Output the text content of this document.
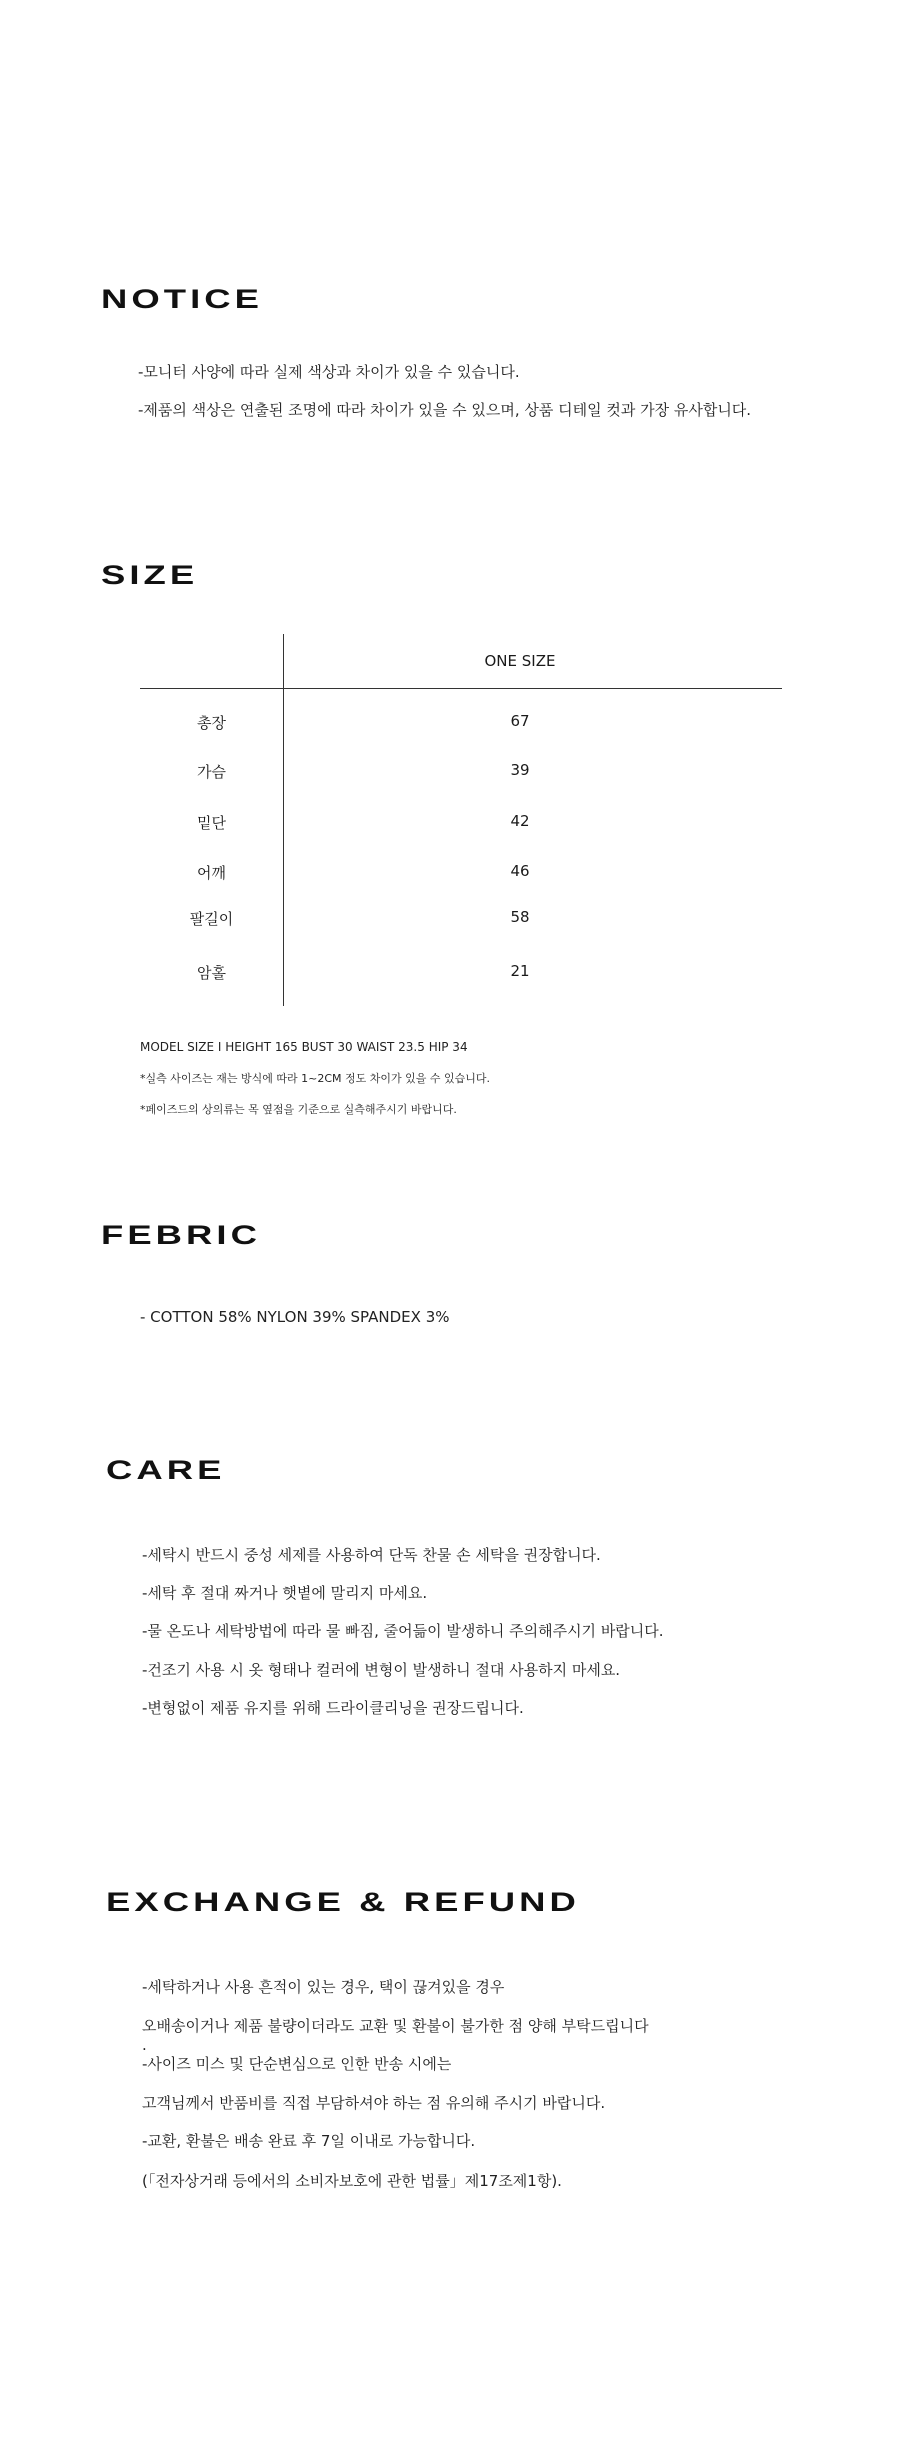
NOTICE

-모니터 사양에 따라 실제 색상과 차이가 있을 수 있습니다.

-제품의 색상은 연출된 조명에 따라 차이가 있을 수 있으며, 상품 디테일 컷과 가장 유사합니다.

SIZE
ONE SIZE
총장	67
가슴	39
밑단	42
어깨	46
팔길이	58
암홀	21

MODEL SIZE I HEIGHT 165 BUST 30 WAIST 23.5 HIP 34

*실측 사이즈는 재는 방식에 따라 1~2CM 정도 차이가 있을 수 있습니다.

*페이즈드의 상의류는 목 옆점을 기준으로 실측해주시기 바랍니다.

FEBRIC

- COTTON 58% NYLON 39% SPANDEX 3%

CARE

-세탁시 반드시 중성 세제를 사용하여 단독 찬물 손 세탁을 권장합니다.

-세탁 후 절대 짜거나 햇볕에 말리지 마세요.

-물 온도나 세탁방법에 따라 물 빠짐, 줄어듦이 발생하니 주의해주시기 바랍니다.

-건조기 사용 시 옷 형태나 컬러에 변형이 발생하니 절대 사용하지 마세요.

-변형없이 제품 유지를 위해 드라이클리닝을 권장드립니다.

EXCHANGE & REFUND

-세탁하거나 사용 흔적이 있는 경우, 택이 끊겨있을 경우

오배송이거나 제품 불량이더라도 교환 및 환불이 불가한 점 양해 부탁드립니다

.

-사이즈 미스 및 단순변심으로 인한 반송 시에는

고객님께서 반품비를 직접 부담하셔야 하는 점 유의해 주시기 바랍니다.

-교환, 환불은 배송 완료 후 7일 이내로 가능합니다.

(「전자상거래 등에서의 소비자보호에 관한 법률」제17조제1항).
